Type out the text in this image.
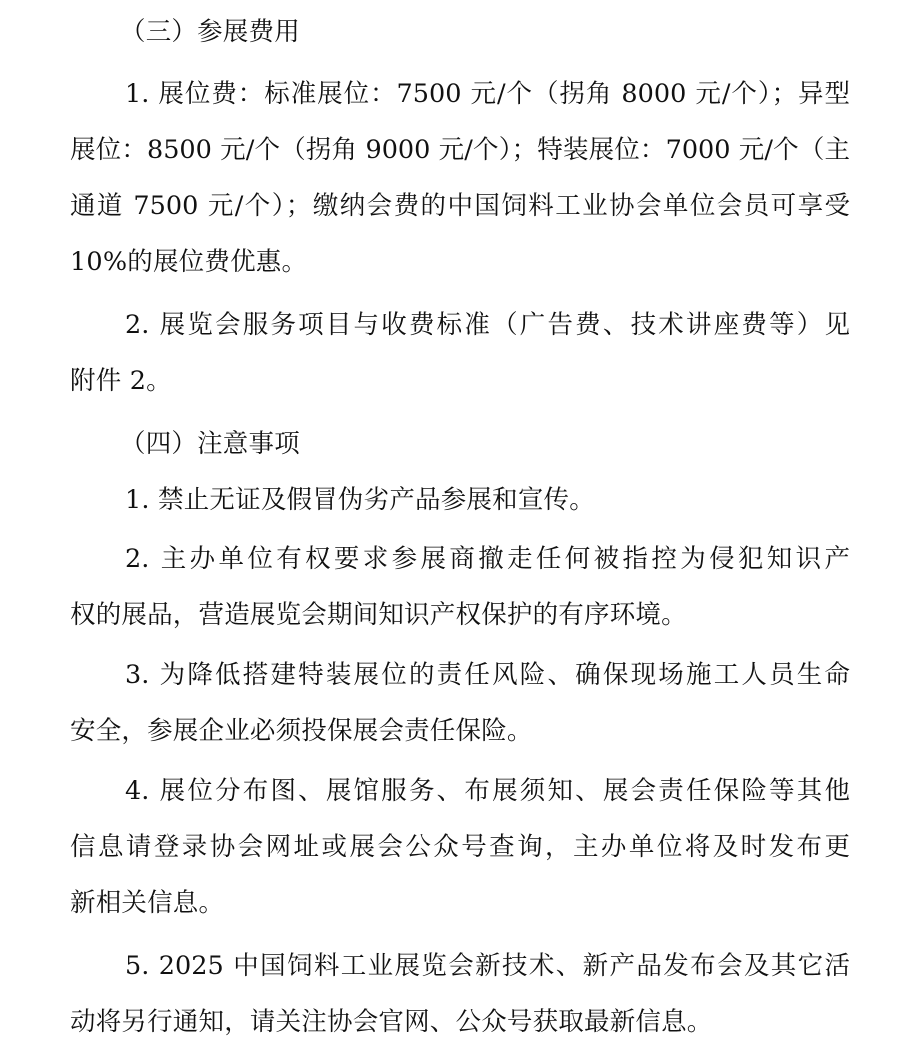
（三）参展费用
1. 展位费：标准展位：7500 元/个（拐角 8000 元/个）；异型
展位：8500 元/个（拐角 9000 元/个）；特装展位：7000 元/个（主
通道 7500 元/个）；缴纳会费的中国饲料工业协会单位会员可享受
10%的展位费优惠。
2. 展览会服务项目与收费标准（广告费、技术讲座费等）见
附件 2。
（四）注意事项
1. 禁止无证及假冒伪劣产品参展和宣传。
2. 主办单位有权要求参展商撤走任何被指控为侵犯知识产
权的展品，营造展览会期间知识产权保护的有序环境。
3. 为降低搭建特装展位的责任风险、确保现场施工人员生命
安全，参展企业必须投保展会责任保险。
4. 展位分布图、展馆服务、布展须知、展会责任保险等其他
信息请登录协会网址或展会公众号查询，主办单位将及时发布更
新相关信息。
5. 2025 中国饲料工业展览会新技术、新产品发布会及其它活
动将另行通知，请关注协会官网、公众号获取最新信息。
